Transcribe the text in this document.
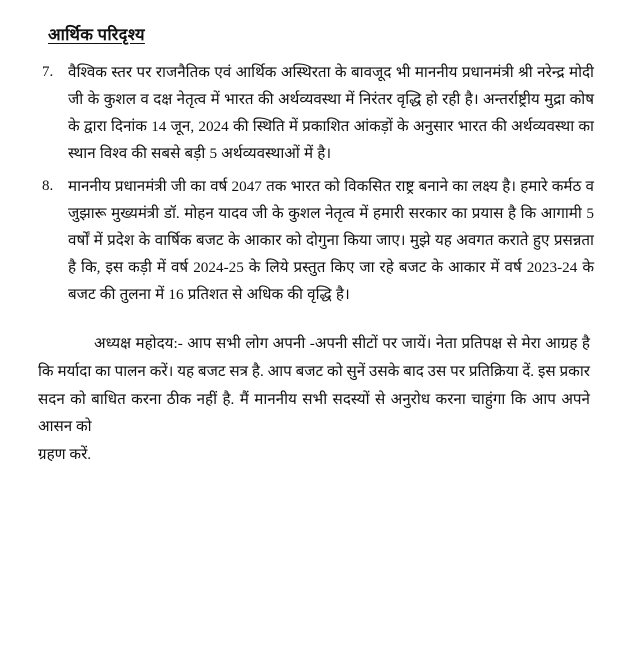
आर्थिक परिदृश्य
7. वैश्विक स्तर पर राजनैतिक एवं आर्थिक अस्थिरता के बावजूद भी माननीय प्रधानमंत्री श्री नरेन्द्र मोदी जी के कुशल व दक्ष नेतृत्व में भारत की अर्थव्यवस्था में निरंतर वृद्धि हो रही है। अन्तर्राष्ट्रीय मुद्रा कोष के द्वारा दिनांक 14 जून, 2024 की स्थिति में प्रकाशित आंकड़ों के अनुसार भारत की अर्थव्यवस्था का स्थान विश्व की सबसे बड़ी 5 अर्थव्यवस्थाओं में है।
8. माननीय प्रधानमंत्री जी का वर्ष 2047 तक भारत को विकसित राष्ट्र बनाने का लक्ष्य है। हमारे कर्मठ व जुझारू मुख्यमंत्री डॉ. मोहन यादव जी के कुशल नेतृत्व में हमारी सरकार का प्रयास है कि आगामी 5 वर्षों में प्रदेश के वार्षिक बजट के आकार को दोगुना किया जाए। मुझे यह अवगत कराते हुए प्रसन्नता है कि, इस कड़ी में वर्ष 2024-25 के लिये प्रस्तुत किए जा रहे बजट के आकार में वर्ष 2023-24 के बजट की तुलना में 16 प्रतिशत से अधिक की वृद्धि है।
अध्यक्ष महोदय:- आप सभी लोग अपनी -अपनी सीटों पर जायें। नेता प्रतिपक्ष से मेरा आग्रह है कि मर्यादा का पालन करें। यह बजट सत्र है. आप बजट को सुनें उसके बाद उस पर प्रतिक्रिया दें. इस प्रकार सदन को बाधित करना ठीक नहीं है. मैं माननीय सभी सदस्यों से अनुरोध करना चाहुंगा कि आप अपने आसन को
ग्रहण करें.
